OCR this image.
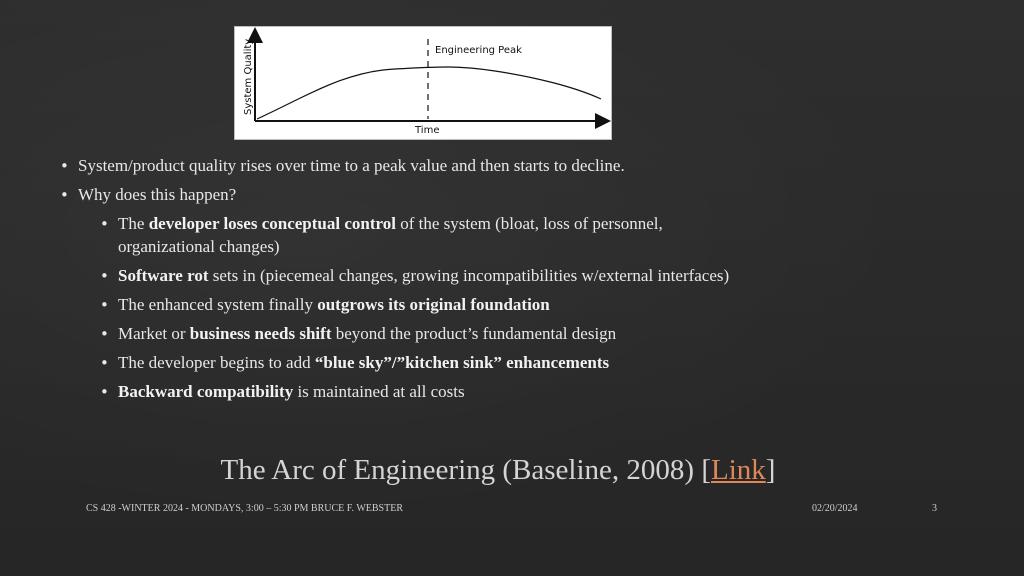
Engineering Peak
Time
System Quality
• System/product quality rises over time to a peak value and then starts to decline.
• Why does this happen?
• The developer loses conceptual control of the system (bloat, loss of personnel,
organizational changes)
• Software rot sets in (piecemeal changes, growing incompatibilities w/external interfaces)
• The enhanced system finally outgrows its original foundation
• Market or business needs shift beyond the product’s fundamental design
• The developer begins to add “blue sky”/”kitchen sink” enhancements
• Backward compatibility is maintained at all costs
The Arc of Engineering (Baseline, 2008) [Link]
CS 428 -WINTER 2024 - MONDAYS, 3:00 – 5:30 PM BRUCE F. WEBSTER	02/20/2024	3
